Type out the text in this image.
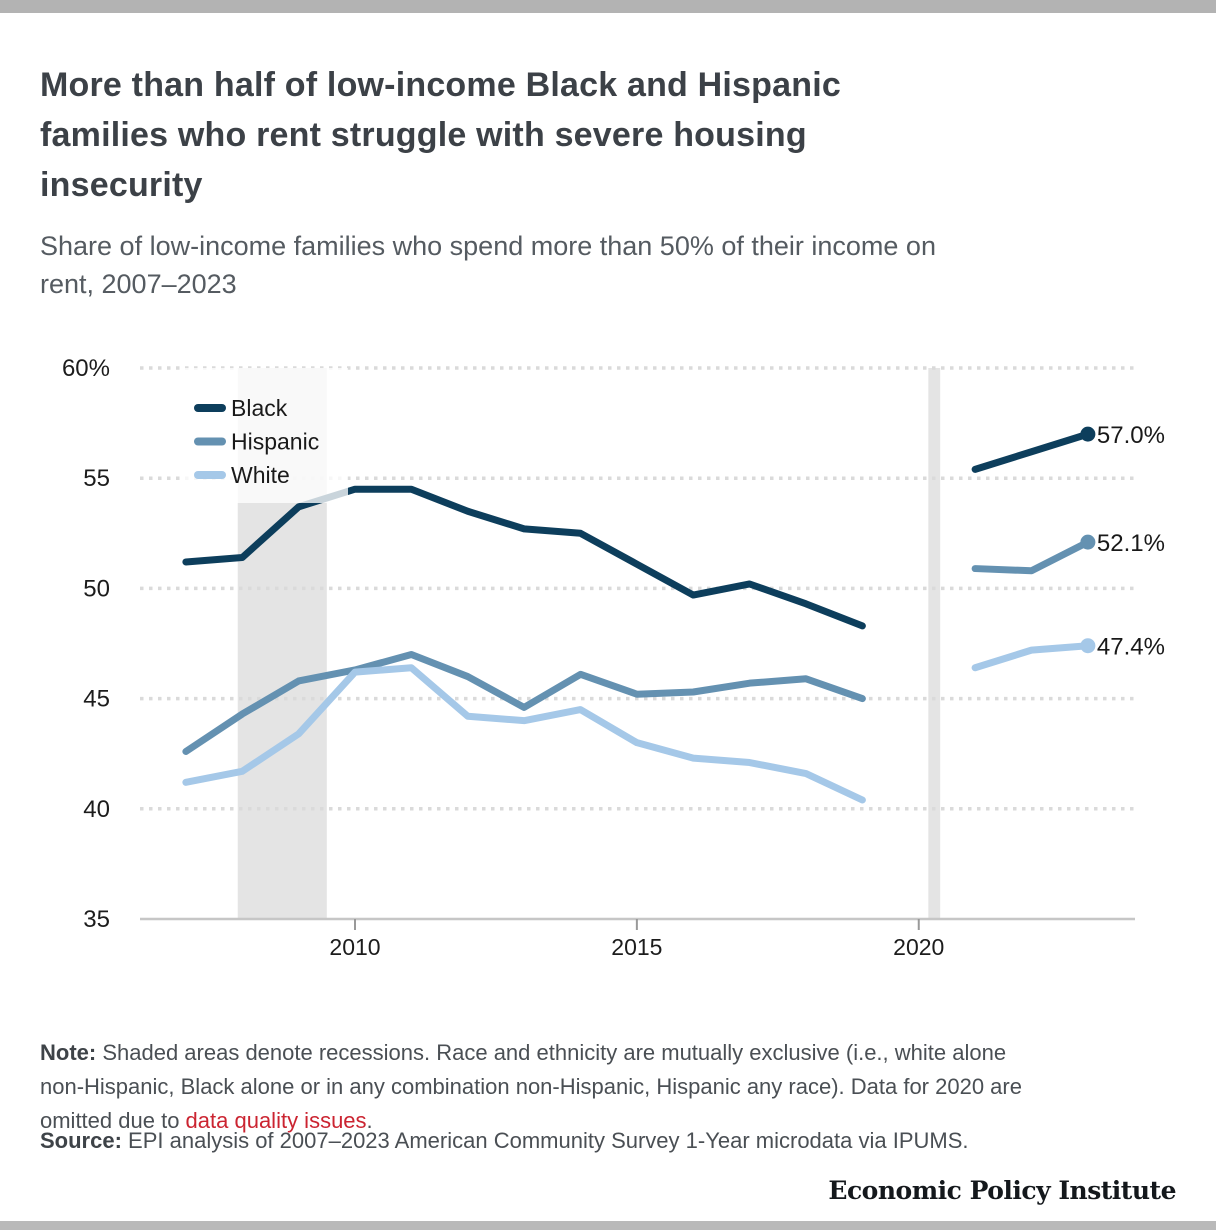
More than half of low-income Black and Hispanic
families who rent struggle with severe housing
insecurity

Share of low-income families who spend more than 50% of their income on
rent, 2007–2023

60%
55
50
45
40
35
2010	2015	2020
57.0%
52.1%
47.4%
Black
Hispanic
White

Note: Shaded areas denote recessions. Race and ethnicity are mutually exclusive (i.e., white alone
non-Hispanic, Black alone or in any combination non-Hispanic, Hispanic any race). Data for 2020 are
omitted due to data quality issues.

Source: EPI analysis of 2007–2023 American Community Survey 1-Year microdata via IPUMS.

Economic Policy Institute
